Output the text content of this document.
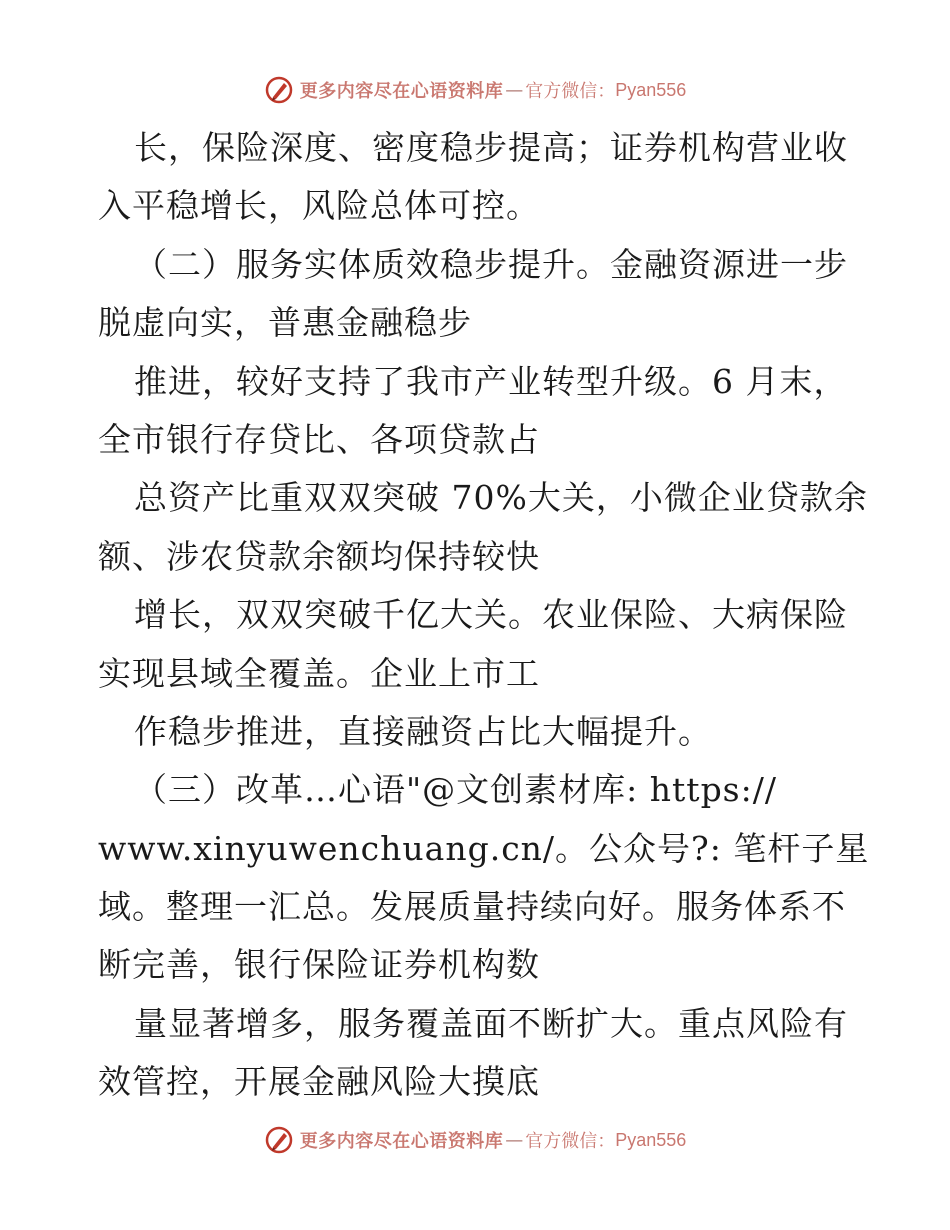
更多内容尽在心语资料库 — 官方微信： Pyan556
长，保险深度、密度稳步提高；证券机构营业收
入平稳增长，风险总体可控。
（二）服务实体质效稳步提升。金融资源进一步
脱虚向实，普惠金融稳步
推进，较好支持了我市产业转型升级。6 月末，
全市银行存贷比、各项贷款占
总资产比重双双突破 70%大关，小微企业贷款余
额、涉农贷款余额均保持较快
增长，双双突破千亿大关。农业保险、大病保险
实现县域全覆盖。企业上市工
作稳步推进，直接融资占比大幅提升。
（三）改革…心语"@文创素材库: https://
www.xinyuwenchuang.cn/。公众号?: 笔杆子星
域。整理一汇总。发展质量持续向好。服务体系不
断完善，银行保险证券机构数
量显著增多，服务覆盖面不断扩大。重点风险有
效管控，开展金融风险大摸底
更多内容尽在心语资料库 — 官方微信： Pyan556
